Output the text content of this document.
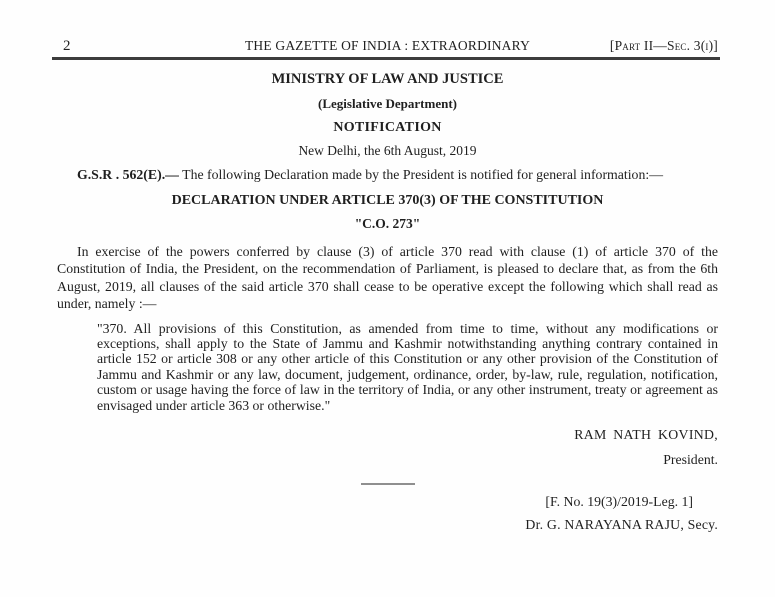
2	THE GAZETTE OF INDIA : EXTRAORDINARY	[Part II—Sec. 3(i)]
MINISTRY OF LAW AND JUSTICE
(Legislative Department)
NOTIFICATION
New Delhi, the 6th August, 2019

G.S.R . 562(E).— The following Declaration made by the President is notified for general information:—

DECLARATION UNDER ARTICLE 370(3) OF THE CONSTITUTION
"C.O. 273"

In exercise of the powers conferred by clause (3) of article 370 read with clause (1) of article 370 of the Constitution of India, the President, on the recommendation of Parliament, is pleased to declare that, as from the 6th August, 2019, all clauses of the said article 370 shall cease to be operative except the following which shall read as under, namely :—

"370. All provisions of this Constitution, as amended from time to time, without any modifications or exceptions, shall apply to the State of Jammu and Kashmir notwithstanding anything contrary contained in article 152 or article 308 or any other article of this Constitution or any other provision of the Constitution of Jammu and Kashmir or any law, document, judgement, ordinance, order, by-law, rule, regulation, notification, custom or usage having the force of law in the territory of India, or any other instrument, treaty or agreement as envisaged under article 363 or otherwise."

RAM NATH KOVIND,
President.
[F. No. 19(3)/2019-Leg. 1]
Dr. G. NARAYANA RAJU, Secy.
